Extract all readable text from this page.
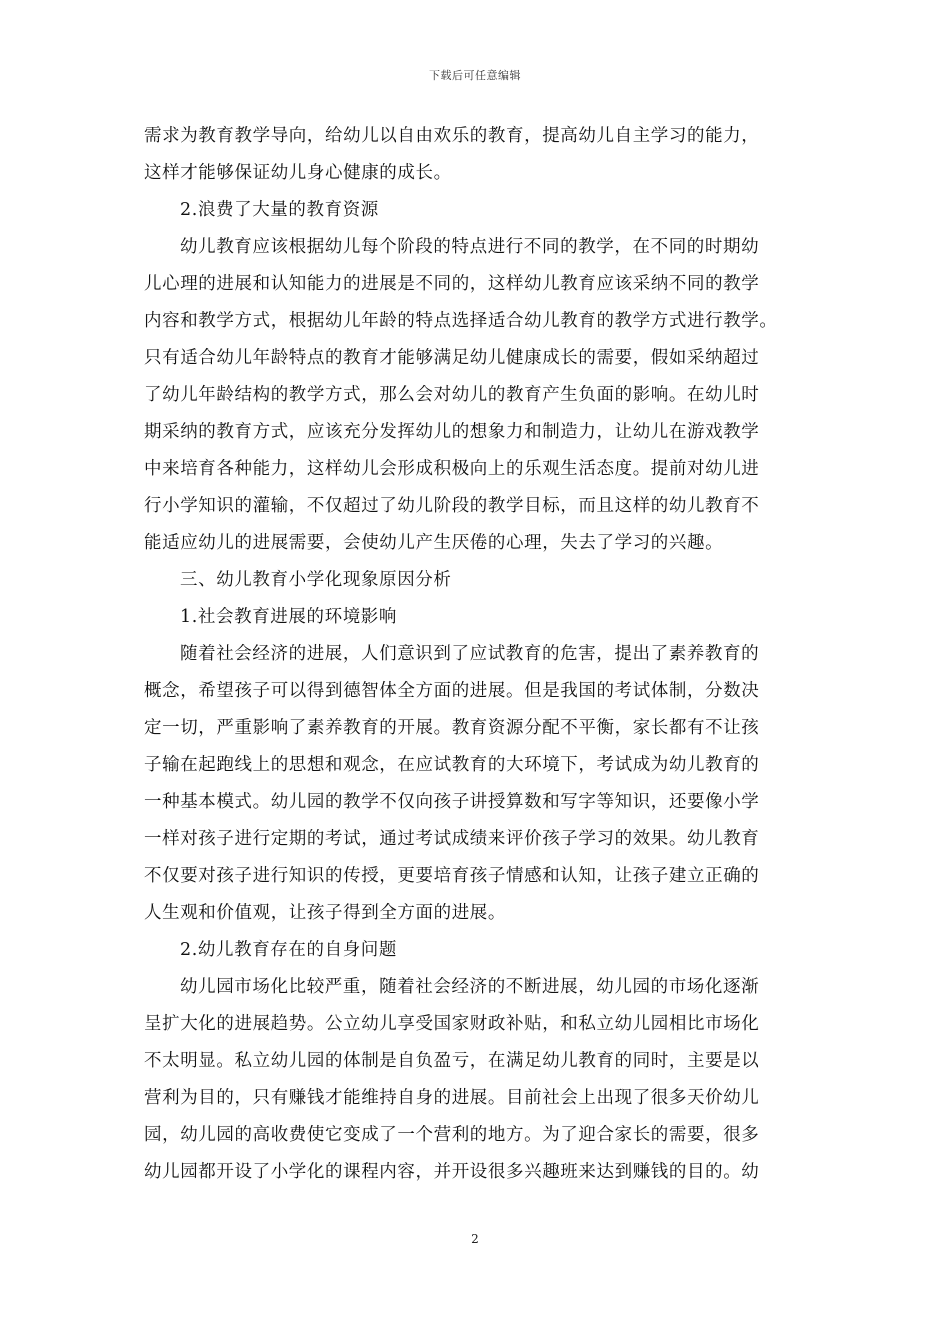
下载后可任意编辑
需求为教育教学导向，给幼儿以自由欢乐的教育，提高幼儿自主学习的能力，
这样才能够保证幼儿身心健康的成长。
2.浪费了大量的教育资源
幼儿教育应该根据幼儿每个阶段的特点进行不同的教学，在不同的时期幼
儿心理的进展和认知能力的进展是不同的，这样幼儿教育应该采纳不同的教学
内容和教学方式，根据幼儿年龄的特点选择适合幼儿教育的教学方式进行教学。
只有适合幼儿年龄特点的教育才能够满足幼儿健康成长的需要，假如采纳超过
了幼儿年龄结构的教学方式，那么会对幼儿的教育产生负面的影响。在幼儿时
期采纳的教育方式，应该充分发挥幼儿的想象力和制造力，让幼儿在游戏教学
中来培育各种能力，这样幼儿会形成积极向上的乐观生活态度。提前对幼儿进
行小学知识的灌输，不仅超过了幼儿阶段的教学目标，而且这样的幼儿教育不
能适应幼儿的进展需要，会使幼儿产生厌倦的心理，失去了学习的兴趣。
三、幼儿教育小学化现象原因分析
1.社会教育进展的环境影响
随着社会经济的进展，人们意识到了应试教育的危害，提出了素养教育的
概念，希望孩子可以得到德智体全方面的进展。但是我国的考试体制，分数决
定一切，严重影响了素养教育的开展。教育资源分配不平衡，家长都有不让孩
子输在起跑线上的思想和观念，在应试教育的大环境下，考试成为幼儿教育的
一种基本模式。幼儿园的教学不仅向孩子讲授算数和写字等知识，还要像小学
一样对孩子进行定期的考试，通过考试成绩来评价孩子学习的效果。幼儿教育
不仅要对孩子进行知识的传授，更要培育孩子情感和认知，让孩子建立正确的
人生观和价值观，让孩子得到全方面的进展。
2.幼儿教育存在的自身问题
幼儿园市场化比较严重，随着社会经济的不断进展，幼儿园的市场化逐渐
呈扩大化的进展趋势。公立幼儿享受国家财政补贴，和私立幼儿园相比市场化
不太明显。私立幼儿园的体制是自负盈亏，在满足幼儿教育的同时，主要是以
营利为目的，只有赚钱才能维持自身的进展。目前社会上出现了很多天价幼儿
园，幼儿园的高收费使它变成了一个营利的地方。为了迎合家长的需要，很多
幼儿园都开设了小学化的课程内容，并开设很多兴趣班来达到赚钱的目的。幼
2
